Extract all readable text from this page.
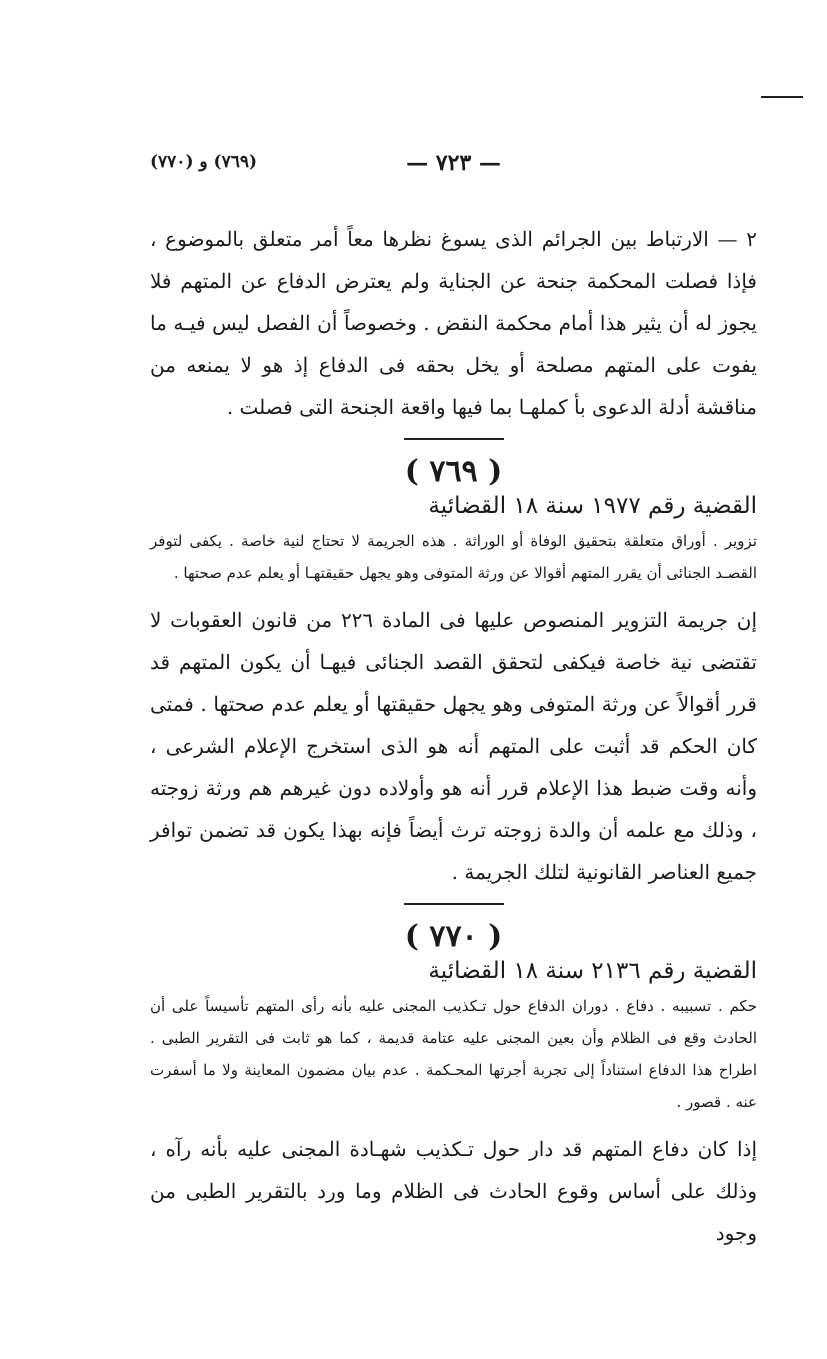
— ٧٢٣ —
(٧٦٩) و (٧٧٠)

٢ — الارتباط بين الجرائم الذى يسوغ نظرها معاً أمر متعلق بالموضوع ، فإذا فصلت المحكمة جنحة عن الجناية ولم يعترض الدفاع عن المتهم فلا يجوز له أن يثير هذا أمام محكمة النقض . وخصوصاً أن الفصل ليس فيـه ما يفوت على المتهم مصلحة أو يخل بحقه فى الدفاع إذ هو لا يمنعه من مناقشة أدلة الدعوى بأ كملهـا بما فيها واقعة الجنحة التى فصلت .

( ٧٦٩ )
القضية رقم ١٩٧٧ سنة ١٨ القضائية

تزوير . أوراق متعلقة بتحقيق الوفاة أو الوراثة . هذه الجريمة لا تحتاج لنية خاصة . يكفى لتوفر القصـد الجنائى أن يقرر المتهم أقوالا عن ورثة المتوفى وهو يجهل حقيقتهـا أو يعلم عدم صحتها .

إن جريمة التزوير المنصوص عليها فى المادة ٢٢٦ من قانون العقوبات لا تقتضى نية خاصة فيكفى لتحقق القصد الجنائى فيهـا أن يكون المتهم قد قرر أقوالاً عن ورثة المتوفى وهو يجهل حقيقتها أو يعلم عدم صحتها . فمتى كان الحكم قد أثبت على المتهم أنه هو الذى استخرج الإعلام الشرعى ، وأنه وقت ضبط هذا الإعلام قرر أنه هو وأولاده دون غيرهم هم ورثة زوجته ، وذلك مع علمه أن والدة زوجته ترث أيضاً فإنه بهذا يكون قد تضمن توافر جميع العناصر القانونية لتلك الجريمة .

( ٧٧٠ )
القضية رقم ٢١٣٦ سنة ١٨ القضائية

حكم . تسبيبه . دفاع . دوران الدفاع حول تـكذيب المجنى عليه بأنه رأى المتهم تأسيساً على أن الحادث وقع فى الظلام وأن بعين المجنى عليه عتامة قديمة ، كما هو ثابت فى التقرير الطبى . اطراح هذا الدفاع استناداً إلى تجربة أجرتها المحـكمة . عدم بيان مضمون المعاينة ولا ما أسفرت عنه . قصور .

إذا كان دفاع المتهم قد دار حول تـكذيب شهـادة المجنى عليه بأنه رآه ، وذلك على أساس وقوع الحادث فى الظلام وما ورد بالتقرير الطبى من وجود
